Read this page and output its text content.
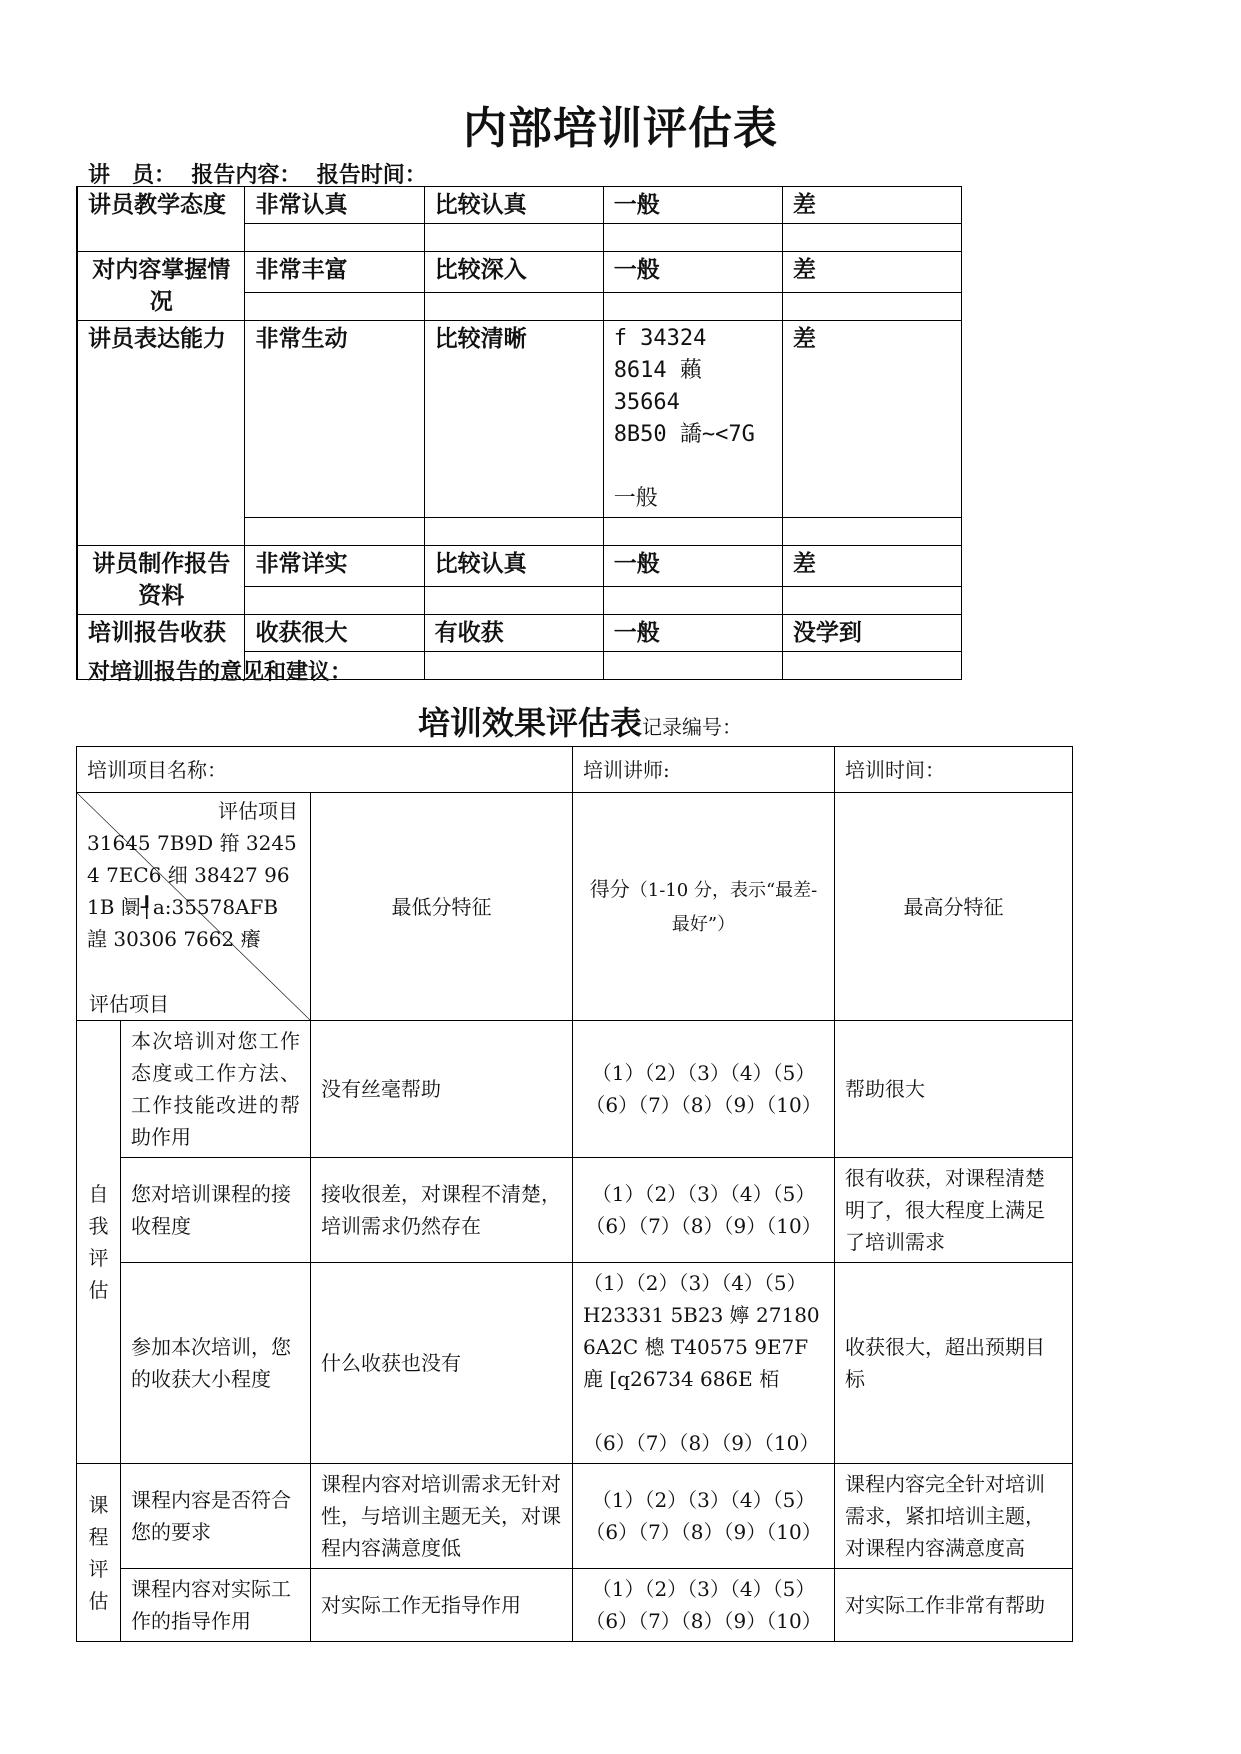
内部培训评估表
讲　员： 报告内容： 报告时间：
讲员教学态度	非常认真	比较认真	一般	差

对内容掌握情况	非常丰富	比较深入	一般	差

讲员表达能力	非常生动	比较清晰	f 34324
8614 藾 35664
8B50 譑~<7G

一般	差

讲员制作报告资料	非常详实	比较认真	一般	差

培训报告收获	收获很大	有收获	一般	没学到

对培训报告的意见和建议：
培训效果评估表记录编号：
培训项目名称：			培训讲师:	培训时间：

评估项目
31645 7B9D 箝 32454 7EC6 细 38427 961B 阛┦a:35578AFB 諻 30306 7662 癢
评估项目		最低分特征	得分（1-10 分，表示“最差-最好”）	最高分特征
自我评估	本次培训对您工作态度或工作方法、工作技能改进的帮助作用	没有丝毫帮助	（1）（2）（3）（4）（5）
（6）（7）（8）（9）（10）	帮助很大
	您对培训课程的接收程度	接收很差，对课程不清楚，培训需求仍然存在	（1）（2）（3）（4）（5）
（6）（7）（8）（9）（10）	很有收获，对课程清楚明了，很大程度上满足了培训需求
	参加本次培训，您的收获大小程度	什么收获也没有	（1）（2）（3）（4）（5）
H23331 5B23 嬣 27180 6A2C 樬 T40575 9E7F 鹿 [q26734 686E 栢

（6）（7）（8）（9）（10）	收获很大，超出预期目标
课程评估	课程内容是否符合您的要求	课程内容对培训需求无针对性，与培训主题无关，对课程内容满意度低	（1）（2）（3）（4）（5）
（6）（7）（8）（9）（10）	课程内容完全针对培训需求，紧扣培训主题，对课程内容满意度高
	课程内容对实际工作的指导作用	对实际工作无指导作用	（1）（2）（3）（4）（5）
（6）（7）（8）（9）（10）	对实际工作非常有帮助
